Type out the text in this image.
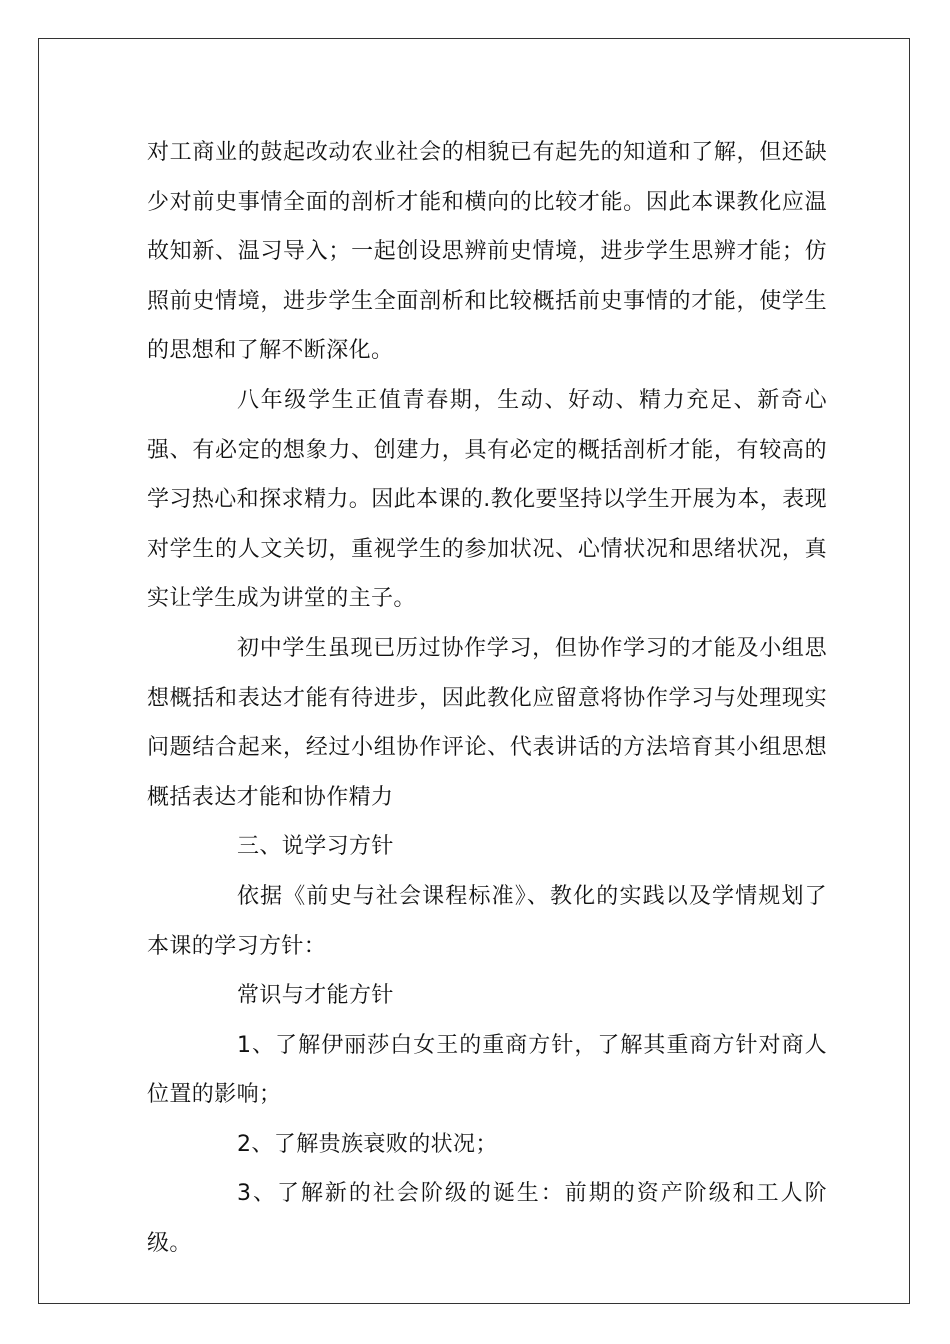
对工商业的鼓起改动农业社会的相貌已有起先的知道和了解，但还缺少对前史事情全面的剖析才能和横向的比较才能。因此本课教化应温故知新、温习导入；一起创设思辨前史情境，进步学生思辨才能；仿照前史情境，进步学生全面剖析和比较概括前史事情的才能，使学生的思想和了解不断深化。

八年级学生正值青春期，生动、好动、精力充足、新奇心强、有必定的想象力、创建力，具有必定的概括剖析才能，有较高的学习热心和探求精力。因此本课的.教化要坚持以学生开展为本，表现对学生的人文关切，重视学生的参加状况、心情状况和思绪状况，真实让学生成为讲堂的主子。

初中学生虽现已历过协作学习，但协作学习的才能及小组思想概括和表达才能有待进步，因此教化应留意将协作学习与处理现实问题结合起来，经过小组协作评论、代表讲话的方法培育其小组思想概括表达才能和协作精力

三、说学习方针

依据《前史与社会课程标准》、教化的实践以及学情规划了本课的学习方针：

常识与才能方针

1、了解伊丽莎白女王的重商方针，了解其重商方针对商人位置的影响；

2、了解贵族衰败的状况；

3、了解新的社会阶级的诞生：前期的资产阶级和工人阶级。
